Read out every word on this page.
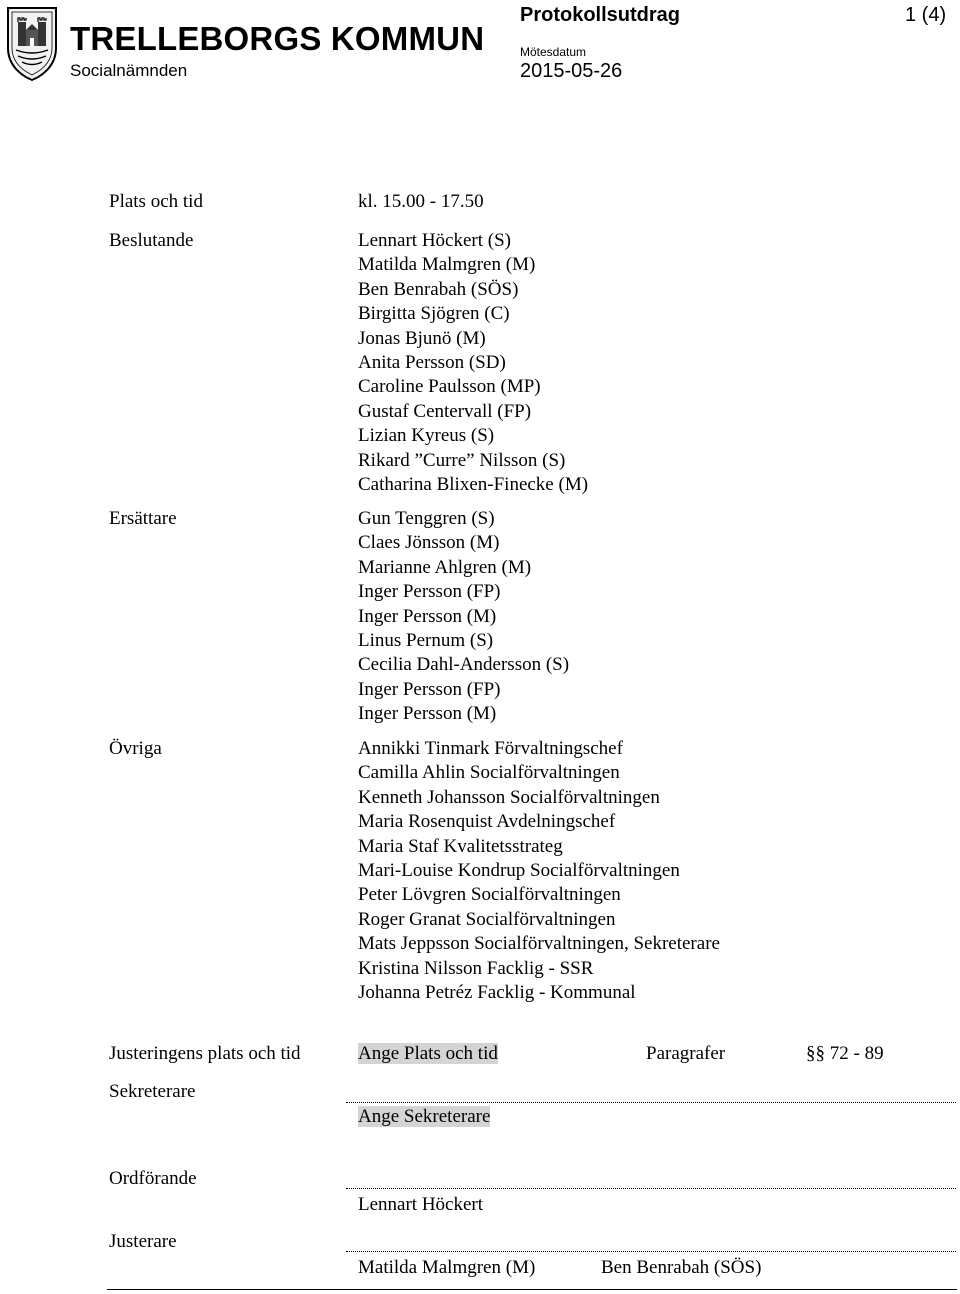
TRELLEBORGS KOMMUN
Socialnämnden
Protokollsutdrag	1 (4)
Mötesdatum
2015-05-26
Plats och tid	kl. 15.00 - 17.50
Beslutande	Lennart Höckert (S)
Matilda Malmgren (M)
Ben Benrabah (SÖS)
Birgitta Sjögren (C)
Jonas Bjunö (M)
Anita Persson (SD)
Caroline Paulsson (MP)
Gustaf Centervall (FP)
Lizian Kyreus (S)
Rikard ”Curre” Nilsson (S)
Catharina Blixen-Finecke (M)
Ersättare	Gun Tenggren (S)
Claes Jönsson (M)
Marianne Ahlgren (M)
Inger Persson (FP)
Inger Persson (M)
Linus Pernum (S)
Cecilia Dahl-Andersson (S)
Inger Persson (FP)
Inger Persson (M)
Övriga	Annikki Tinmark Förvaltningschef
Camilla Ahlin Socialförvaltningen
Kenneth Johansson Socialförvaltningen
Maria Rosenquist Avdelningschef
Maria Staf Kvalitetsstrateg
Mari-Louise Kondrup Socialförvaltningen
Peter Lövgren Socialförvaltningen
Roger Granat Socialförvaltningen
Mats Jeppsson Socialförvaltningen, Sekreterare
Kristina Nilsson Facklig - SSR
Johanna Petréz Facklig - Kommunal
Justeringens plats och tid	Ange Plats och tid	Paragrafer	§§ 72 - 89
Sekreterare
Ange Sekreterare
Ordförande
Lennart Höckert
Justerare
Matilda Malmgren (M)	Ben Benrabah (SÖS)
